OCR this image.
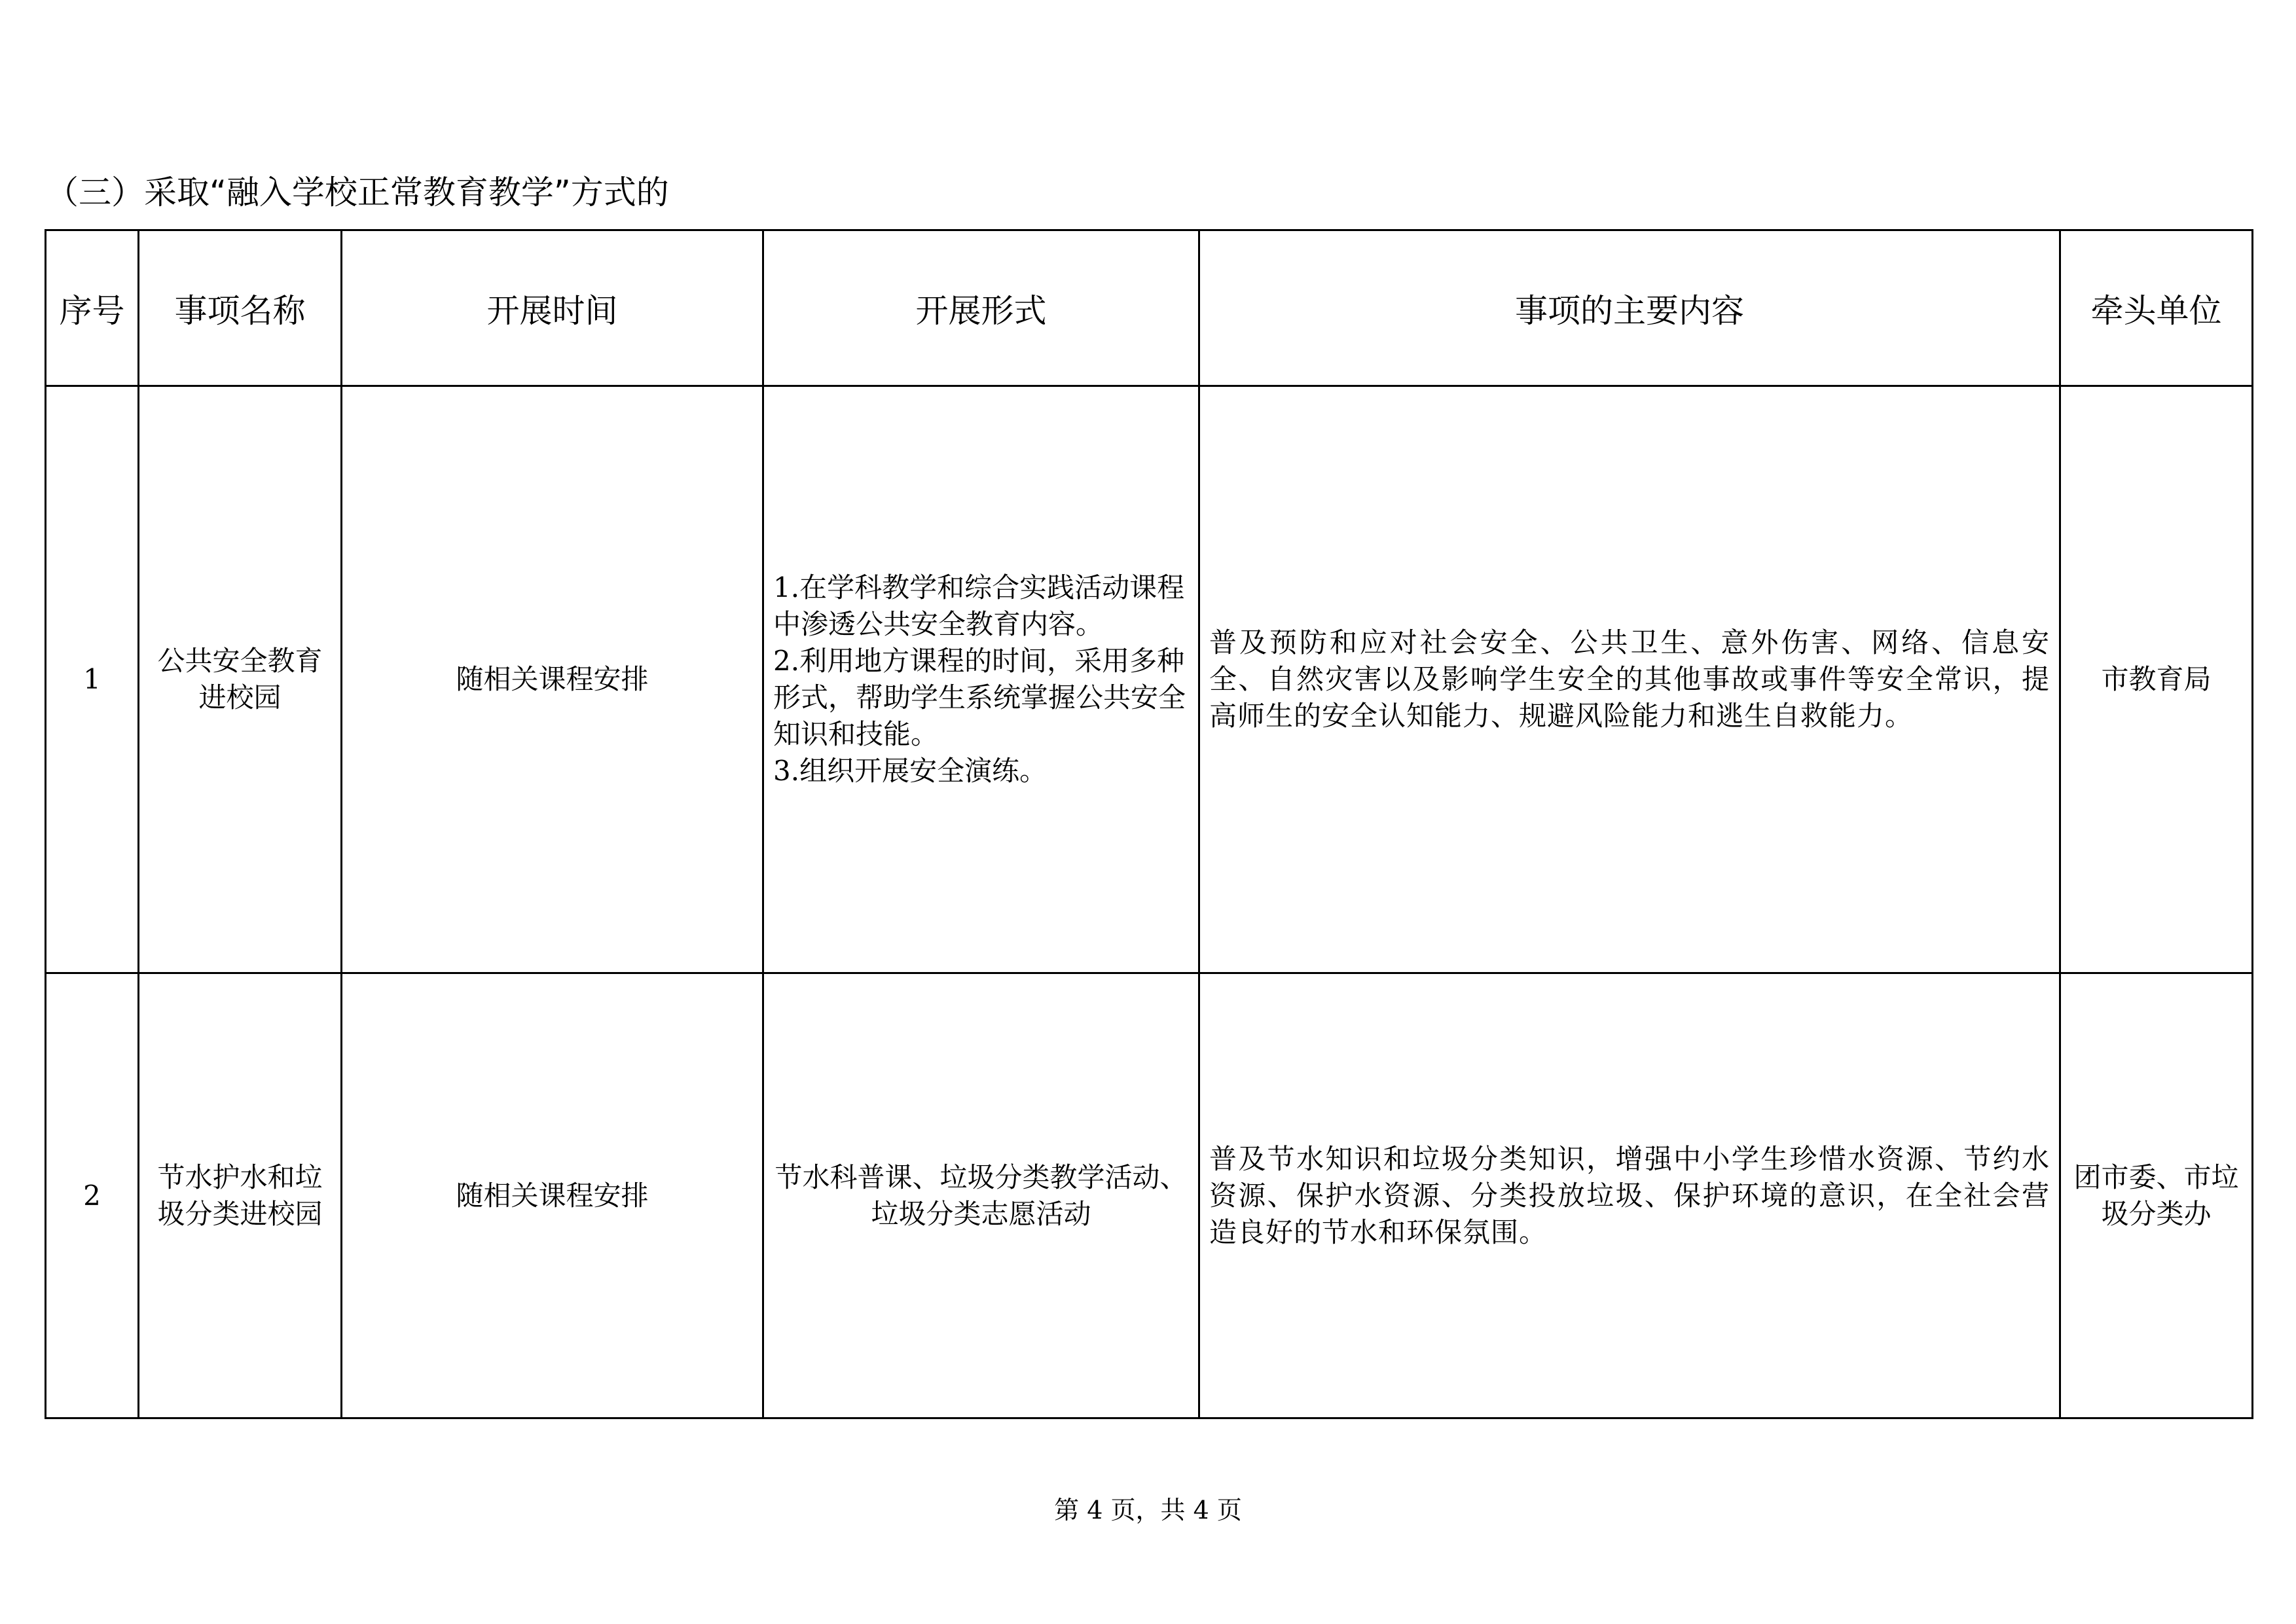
（三）采取“融入学校正常教育教学”方式的
序号	事项名称	开展时间	开展形式	事项的主要内容	牵头单位
1	公共安全教育进校园	随相关课程安排	1.在学科教学和综合实践活动课程中渗透公共安全教育内容。
2.利用地方课程的时间，采用多种形式，帮助学生系统掌握公共安全知识和技能。
3.组织开展安全演练。	普及预防和应对社会安全、公共卫生、意外伤害、网络、信息安全、自然灾害以及影响学生安全的其他事故或事件等安全常识，提高师生的安全认知能力、规避风险能力和逃生自救能力。	市教育局
2	节水护水和垃圾分类进校园	随相关课程安排	节水科普课、垃圾分类教学活动、垃圾分类志愿活动	普及节水知识和垃圾分类知识，增强中小学生珍惜水资源、节约水资源、保护水资源、分类投放垃圾、保护环境的意识，在全社会营造良好的节水和环保氛围。	团市委、市垃圾分类办
第 4 页，共 4 页
